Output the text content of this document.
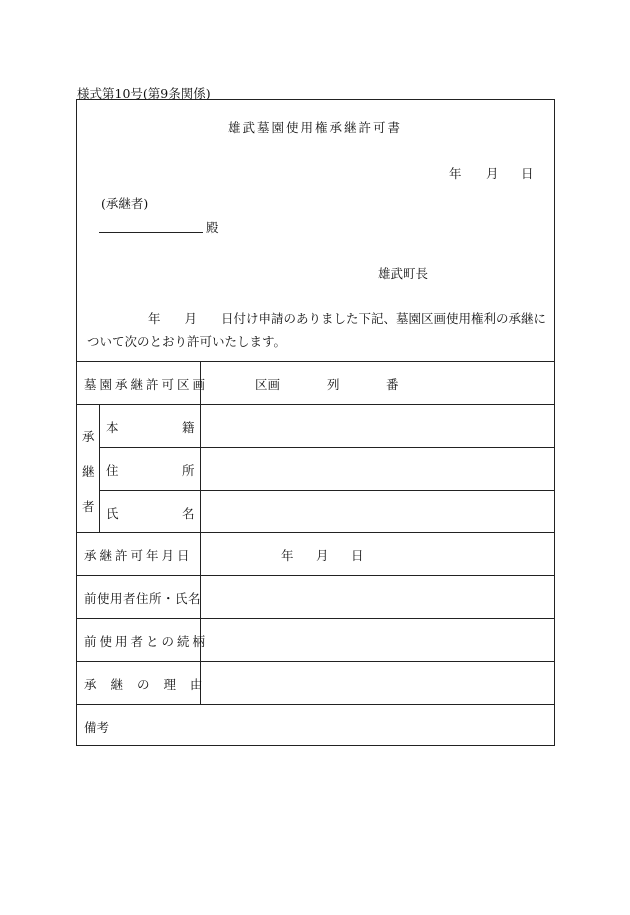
様式第10号(第9条関係)
雄武墓園使用権承継許可書
年 月 日
(承継者)
殿
雄武町長
年 月 日付け申請のありました下記、墓園区画使用権利の承継について次のとおり許可いたします。
墓園承継許可区画	区画	列	番
承
継
者
本	籍
住	所
氏	名
承継許可年月日	年 月 日
前使用者住所・氏名
前使用者との続柄
承継の理由
備考
